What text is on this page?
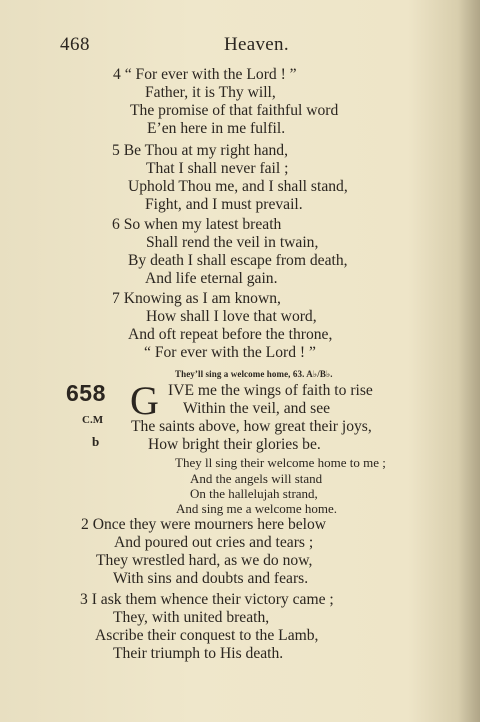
468	Heaven.
4 “ For ever with the Lord ! ”
Father, it is Thy will,
The promise of that faithful word
E’en here in me fulfil.
5 Be Thou at my right hand,
That I shall never fail ;
Uphold Thou me, and I shall stand,
Fight, and I must prevail.
6 So when my latest breath
Shall rend the veil in twain,
By death I shall escape from death,
And life eternal gain.
7 Knowing as I am known,
How shall I love that word,
And oft repeat before the throne,
“ For ever with the Lord ! ”
They’ll sing a welcome home, 63. A♭/B♭.
658
C.M
b
G IVE me the wings of faith to rise
Within the veil, and see
The saints above, how great their joys,
How bright their glories be.
They ll sing their welcome home to me ;
And the angels will stand
On the hallelujah strand,
And sing me a welcome home.
2 Once they were mourners here below
And poured out cries and tears ;
They wrestled hard, as we do now,
With sins and doubts and fears.
3 I ask them whence their victory came ;
They, with united breath,
Ascribe their conquest to the Lamb,
Their triumph to His death.
